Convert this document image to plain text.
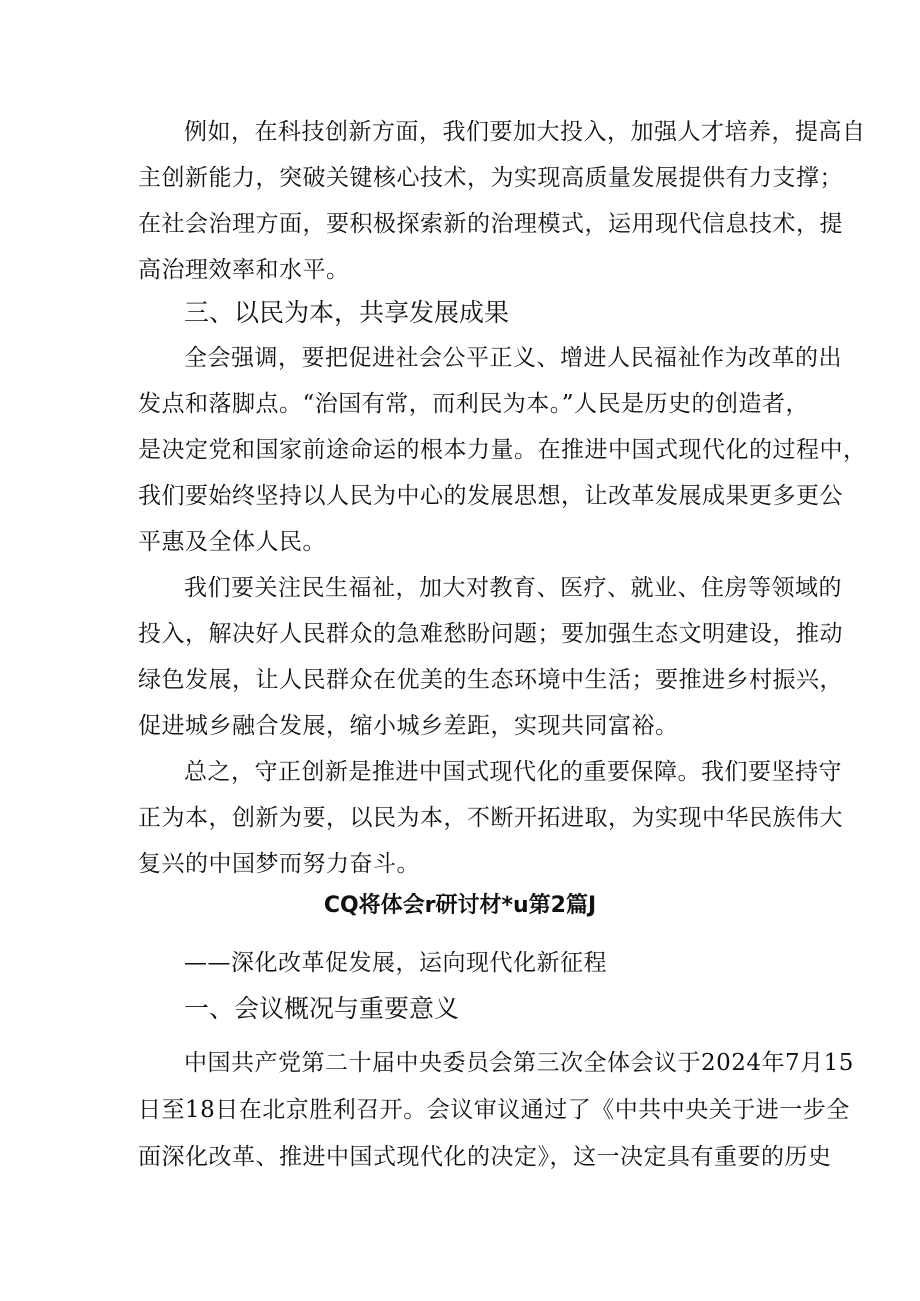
例如，在科技创新方面，我们要加大投入，加强人才培养，提高自
主创新能力，突破关键核心技术，为实现高质量发展提供有力支撑；
在社会治理方面，要积极探索新的治理模式，运用现代信息技术，提
高治理效率和水平。
三、以民为本，共享发展成果
全会强调，要把促进社会公平正义、增进人民福祉作为改革的出
发点和落脚点。“治国有常，而利民为本。”人民是历史的创造者，
是决定党和国家前途命运的根本力量。在推进中国式现代化的过程中，
我们要始终坚持以人民为中心的发展思想，让改革发展成果更多更公
平惠及全体人民。
我们要关注民生福祉，加大对教育、医疗、就业、住房等领域的
投入，解决好人民群众的急难愁盼问题；要加强生态文明建设，推动
绿色发展，让人民群众在优美的生态环境中生活；要推进乡村振兴，
促进城乡融合发展，缩小城乡差距，实现共同富裕。
总之，守正创新是推进中国式现代化的重要保障。我们要坚持守
正为本，创新为要，以民为本，不断开拓进取，为实现中华民族伟大
复兴的中国梦而努力奋斗。
CQ将体会r研讨材*u第2篇J
——深化改革促发展，运向现代化新征程
一、会议概况与重要意义
中国共产党第二十届中央委员会第三次全体会议于2024年7月15
日至18日在北京胜利召开。会议审议通过了《中共中央关于进一步全
面深化改革、推进中国式现代化的决定》，这一决定具有重要的历史
